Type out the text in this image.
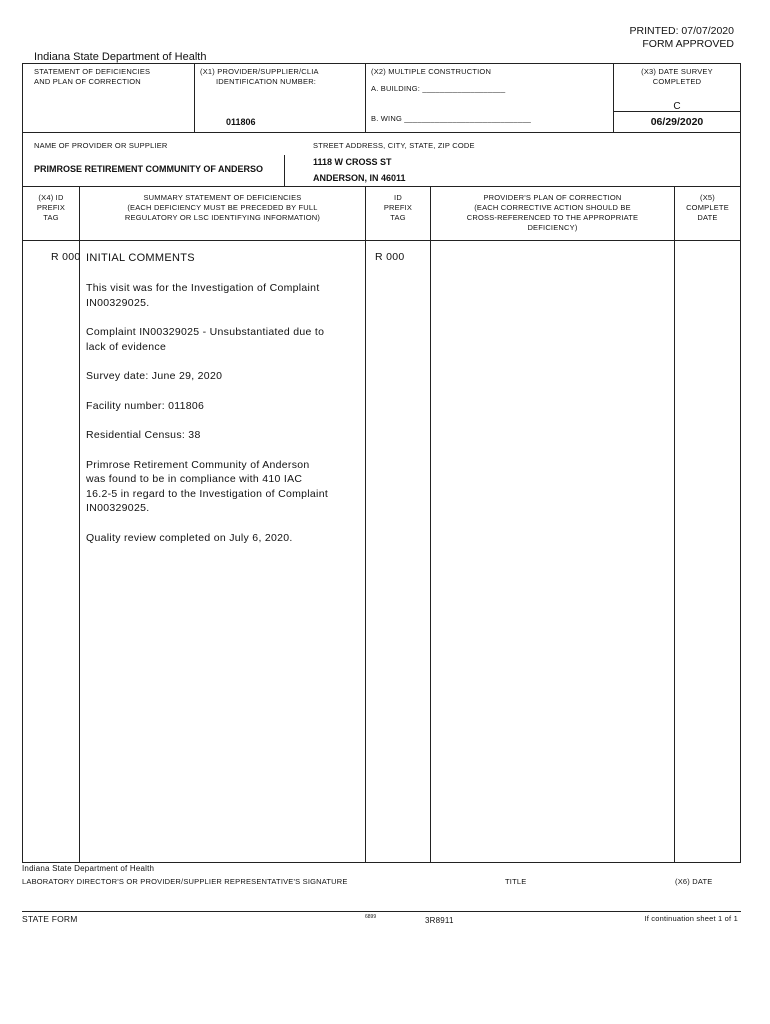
PRINTED: 07/07/2020
FORM APPROVED
Indiana State Department of Health
STATEMENT OF DEFICIENCIES
AND PLAN OF CORRECTION
(X1) PROVIDER/SUPPLIER/CLIA
IDENTIFICATION NUMBER:
011806
(X2) MULTIPLE CONSTRUCTION
A. BUILDING: ___________________
B. WING _____________________________
(X3) DATE SURVEY
COMPLETED
C
06/29/2020
NAME OF PROVIDER OR SUPPLIER
PRIMROSE RETIREMENT COMMUNITY OF ANDERSO
STREET ADDRESS, CITY, STATE, ZIP CODE
1118 W CROSS ST
ANDERSON, IN 46011
(X4) ID
PREFIX
TAG
SUMMARY STATEMENT OF DEFICIENCIES
(EACH DEFICIENCY MUST BE PRECEDED BY FULL
REGULATORY OR LSC IDENTIFYING INFORMATION)
ID
PREFIX
TAG
PROVIDER'S PLAN OF CORRECTION
(EACH CORRECTIVE ACTION SHOULD BE
CROSS-REFERENCED TO THE APPROPRIATE
DEFICIENCY)
(X5)
COMPLETE
DATE
R 000 INITIAL COMMENTS	R 000

This visit was for the Investigation of Complaint
IN00329025.

Complaint IN00329025 - Unsubstantiated due to
lack of evidence

Survey date: June 29, 2020

Facility number: 011806

Residential Census: 38

Primrose Retirement Community of Anderson
was found to be in compliance with 410 IAC
16.2-5 in regard to the Investigation of Complaint
IN00329025.

Quality review completed on July 6, 2020.

Indiana State Department of Health
LABORATORY DIRECTOR'S OR PROVIDER/SUPPLIER REPRESENTATIVE'S SIGNATURE	TITLE	(X6) DATE
STATE FORM	6899	3R8911	If continuation sheet 1 of 1
